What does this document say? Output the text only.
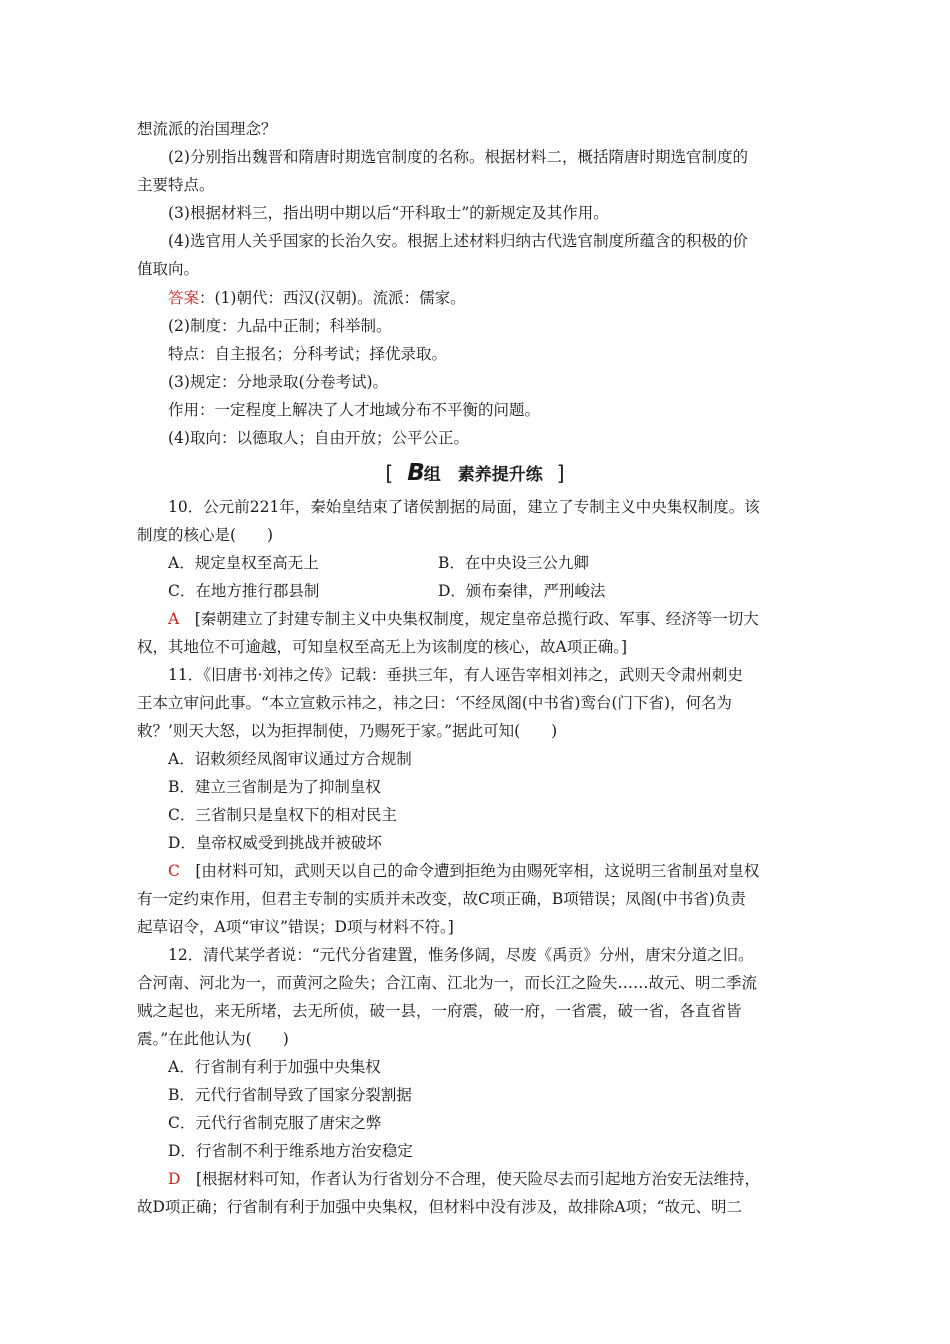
想流派的治国理念？
(2)分别指出魏晋和隋唐时期选官制度的名称。根据材料二，概括隋唐时期选官制度的
主要特点。
(3)根据材料三，指出明中期以后“开科取士”的新规定及其作用。
(4)选官用人关乎国家的长治久安。根据上述材料归纳古代选官制度所蕴含的积极的价
值取向。
答案：(1)朝代：西汉(汉朝)。流派：儒家。
(2)制度：九品中正制；科举制。
特点：自主报名；分科考试；择优录取。
(3)规定：分地录取(分卷考试)。
作用：一定程度上解决了人才地域分布不平衡的问题。
(4)取向：以德取人；自由开放；公平公正。
[ B组　素养提升练 ]
10．公元前221年，秦始皇结束了诸侯割据的局面，建立了专制主义中央集权制度。该
制度的核心是(　　)
A．规定皇权至高无上	B．在中央设三公九卿
C．在地方推行郡县制	D．颁布秦律，严刑峻法
A　[秦朝建立了封建专制主义中央集权制度，规定皇帝总揽行政、军事、经济等一切大
权，其地位不可逾越，可知皇权至高无上为该制度的核心，故A项正确。]
11．《旧唐书·刘祎之传》记载：垂拱三年，有人诬告宰相刘祎之，武则天令肃州刺史
王本立审问此事。“本立宣敕示祎之，祎之曰：‘不经凤阁(中书省)鸾台(门下省)，何名为
敕？’则天大怒，以为拒捍制使，乃赐死于家。”据此可知(　　)
A．诏敕须经凤阁审议通过方合规制
B．建立三省制是为了抑制皇权
C．三省制只是皇权下的相对民主
D．皇帝权威受到挑战并被破坏
C　[由材料可知，武则天以自己的命令遭到拒绝为由赐死宰相，这说明三省制虽对皇权
有一定约束作用，但君主专制的实质并未改变，故C项正确，B项错误；凤阁(中书省)负责
起草诏令，A项“审议”错误；D项与材料不符。]
12．清代某学者说：“元代分省建置，惟务侈阔，尽废《禹贡》分州，唐宋分道之旧。
合河南、河北为一，而黄河之险失；合江南、江北为一，而长江之险失……故元、明二季流
贼之起也，来无所堵，去无所侦，破一县，一府震，破一府，一省震，破一省，各直省皆
震。”在此他认为(　　)
A．行省制有利于加强中央集权
B．元代行省制导致了国家分裂割据
C．元代行省制克服了唐宋之弊
D．行省制不利于维系地方治安稳定
D　[根据材料可知，作者认为行省划分不合理，使天险尽去而引起地方治安无法维持，
故D项正确；行省制有利于加强中央集权，但材料中没有涉及，故排除A项；“故元、明二
